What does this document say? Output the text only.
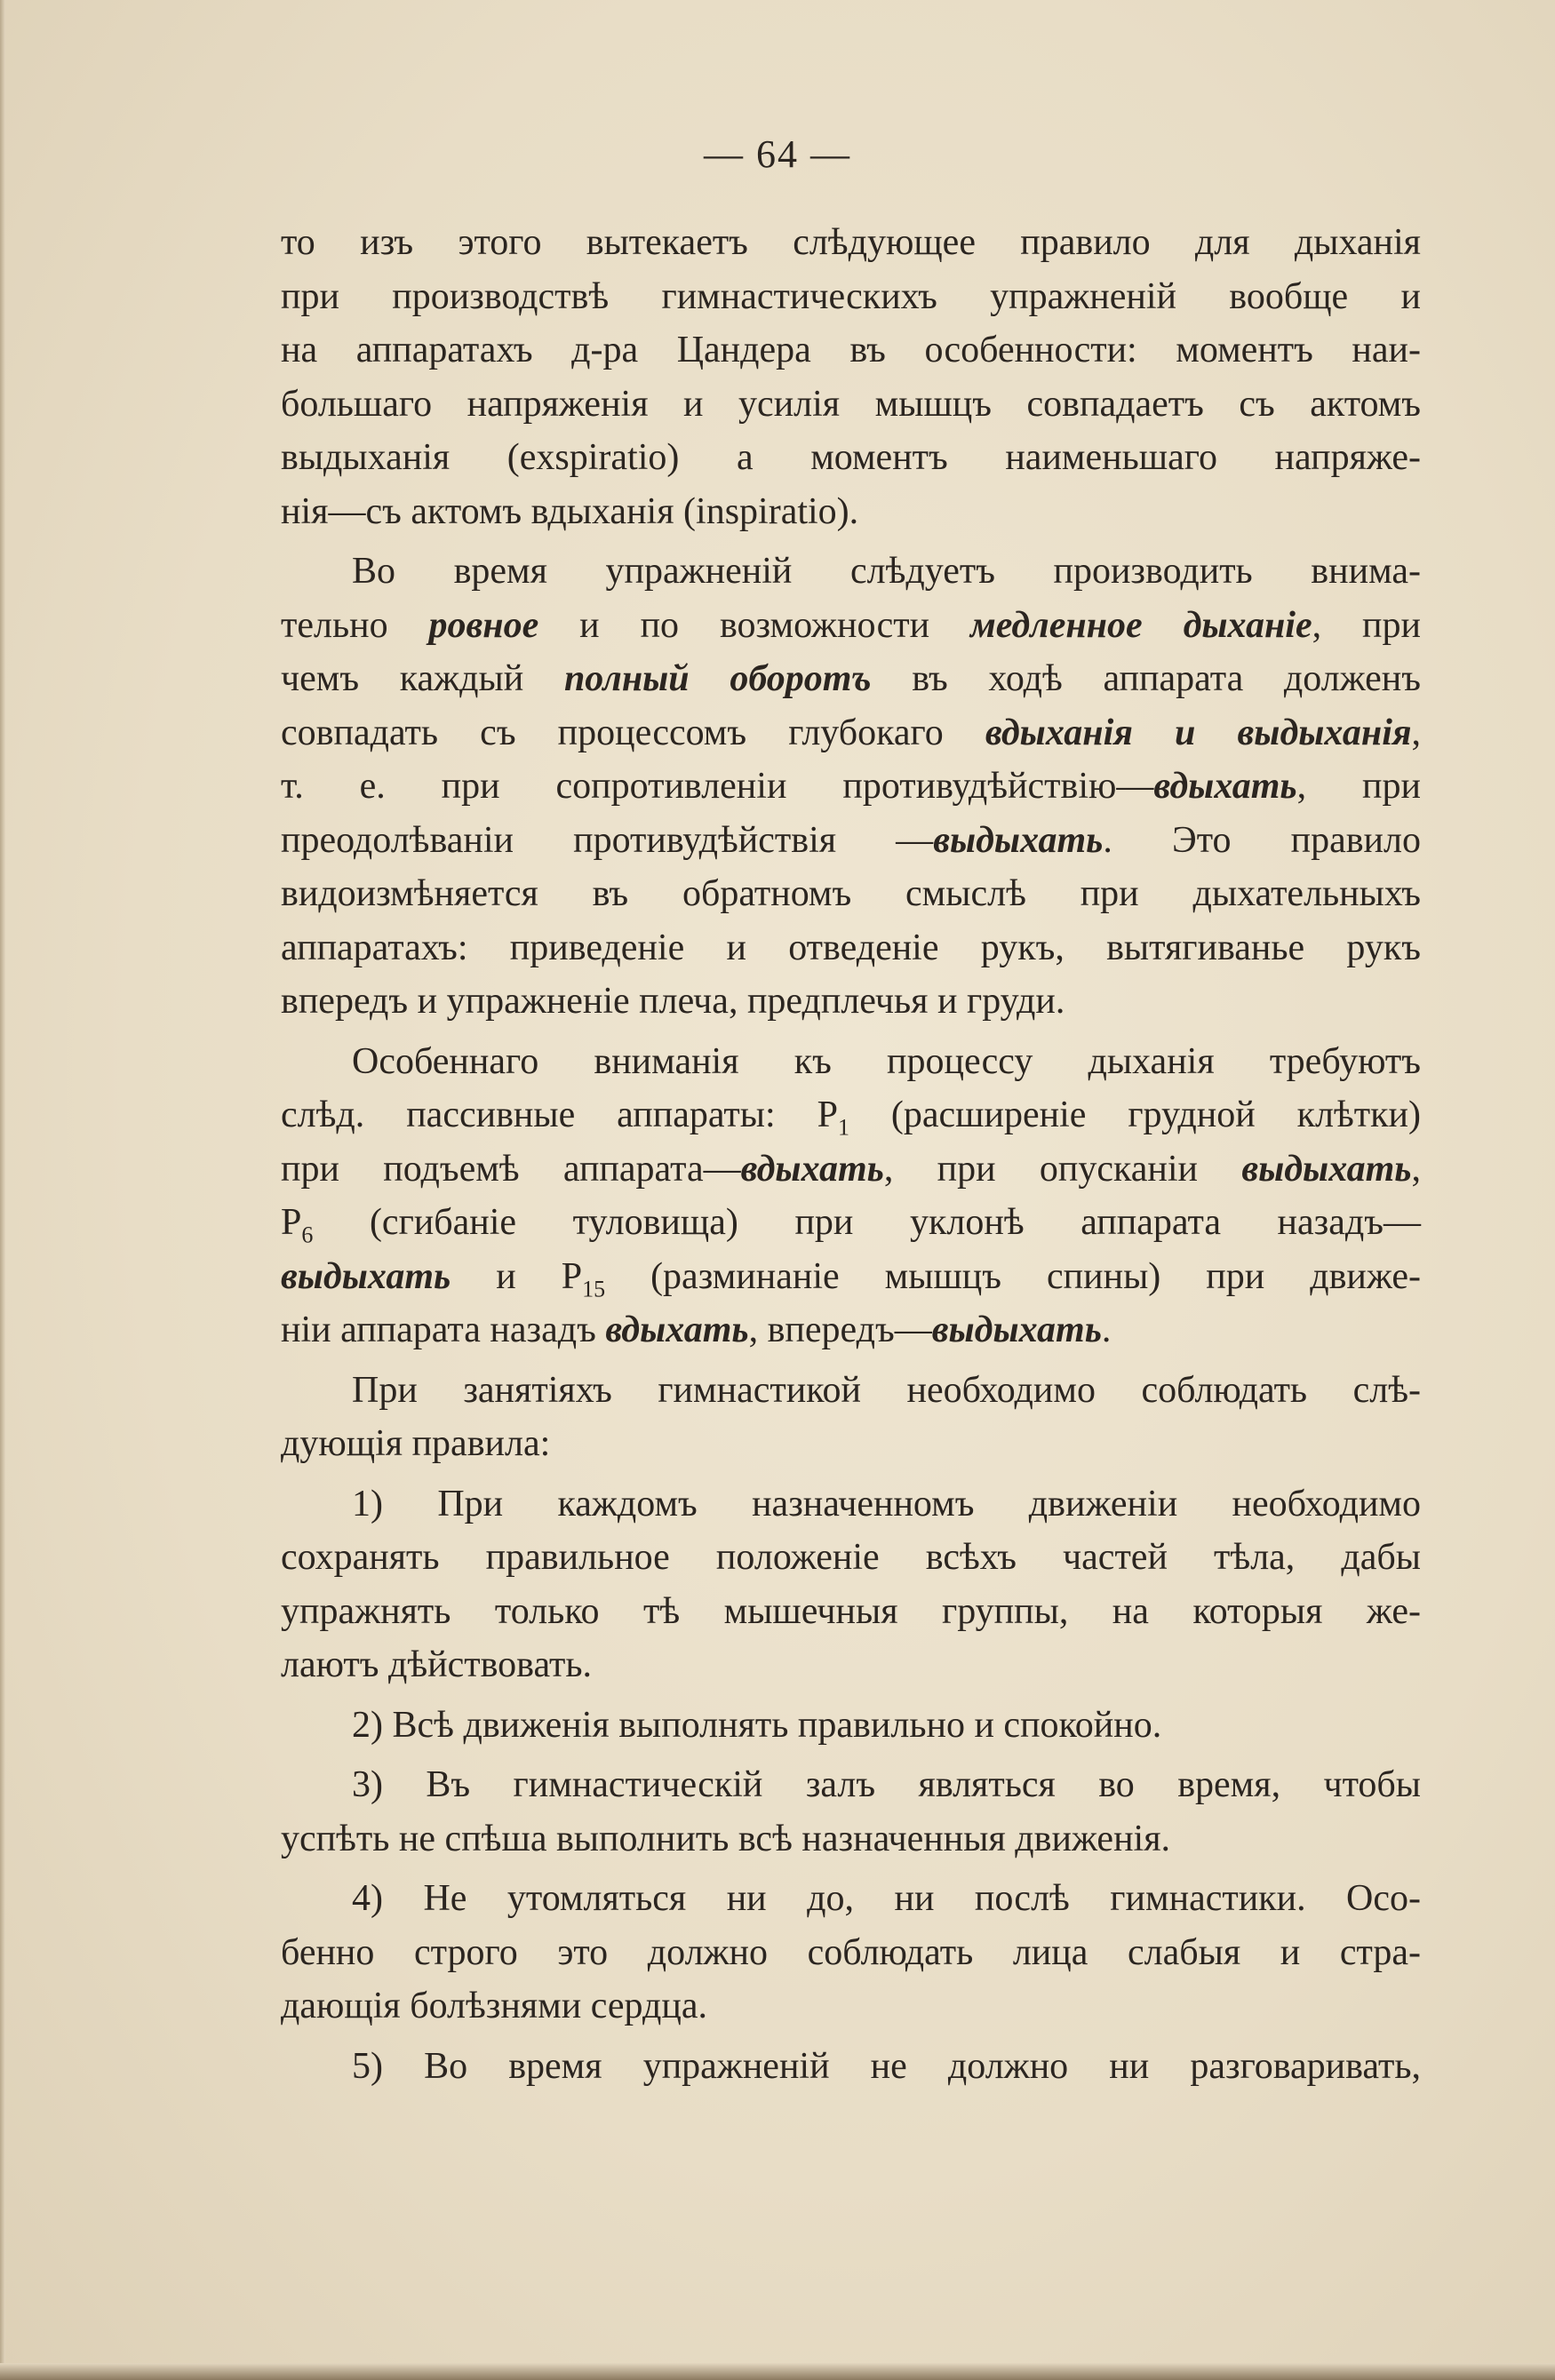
— 64 —

то изъ этого вытекаетъ слѣдующее правило для дыханія
при производствѣ гимнастическихъ упражненій вообще и
на аппаратахъ д-ра Цандера въ особенности: моментъ наи-
большаго напряженія и усилія мышцъ совпадаетъ съ актомъ
выдыханія (exspiratio) а моментъ наименьшаго напряже-
нія—съ актомъ вдыханія (inspiratio).

Во время упражненій слѣдуетъ производить внима-
тельно ровное и по возможности медленное дыханіе, при
чемъ каждый полный оборотъ въ ходѣ аппарата долженъ
совпадать съ процессомъ глубокаго вдыханія и выдыханія,
т. е. при сопротивленіи противудѣйствію—вдыхать, при
преодолѣваніи противудѣйствія —выдыхать. Это правило
видоизмѣняется въ обратномъ смыслѣ при дыхательныхъ
аппаратахъ: приведеніе и отведеніе рукъ, вытягиванье рукъ
впередъ и упражненіе плеча, предплечья и груди.

Особеннаго вниманія къ процессу дыханія требуютъ
слѣд. пассивные аппараты: $P_1$ (расширеніе грудной клѣтки)
при подъемѣ аппарата—вдыхать, при опусканіи выдыхать,
$P_6$ (сгибаніе туловища) при уклонѣ аппарата назадъ—
выдыхать и $P_{15}$ (разминаніе мышцъ спины) при движе-
ніи аппарата назадъ вдыхать, впередъ—выдыхать.

При занятіяхъ гимнастикой необходимо соблюдать слѣ-
дующія правила:

1) При каждомъ назначенномъ движеніи необходимо
сохранять правильное положеніе всѣхъ частей тѣла, дабы
упражнять только тѣ мышечныя группы, на которыя же-
лаютъ дѣйствовать.

2) Всѣ движенія выполнять правильно и спокойно.

3) Въ гимнастическій залъ являться во время, чтобы
успѣть не спѣша выполнить всѣ назначенныя движенія.

4) Не утомляться ни до, ни послѣ гимнастики. Осо-
бенно строго это должно соблюдать лица слабыя и стра-
дающія болѣзнями сердца.

5) Во время упражненій не должно ни разговаривать,
